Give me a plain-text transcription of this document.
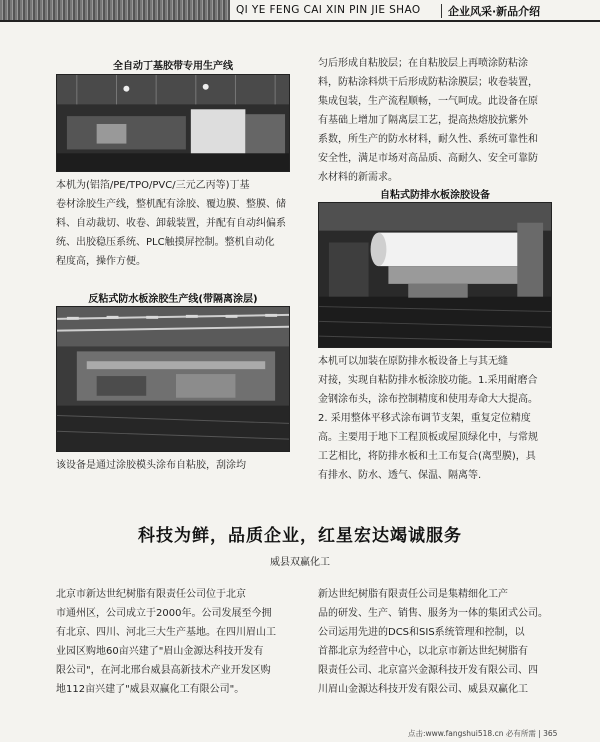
QI YE FENG CAI XIN PIN JIE SHAO 企业风采·新品介绍
全自动丁基胶带专用生产线
本机为(铝箔/PE/TPO/PVC/三元乙丙等)丁基
卷材涂胶生产线，整机配有涂胶、覆边膜、整膜、储
料、自动裁切、收卷、卸载装置，并配有自动纠偏系
统、出胶稳压系统、PLC触摸屏控制。整机自动化
程度高，操作方便。
反粘式防水板涂胶生产线(带隔离涂层)
该设备是通过涂胶模头涂布自粘胶，刮涂均
匀后形成自粘胶层；在自粘胶层上再喷涂防粘涂
料，防粘涂料烘干后形成防粘涂膜层；收卷装置，
集成包装，生产流程顺畅，一气呵成。此设备在原
有基础上增加了隔离层工艺，提高热熔胶抗紫外
系数，所生产的防水材料，耐久性、系统可靠性和
安全性，满足市场对高品质、高耐久、安全可靠防
水材料的新需求。
自粘式防排水板涂胶设备
本机可以加装在原防排水板设备上与其无缝
对接，实现自粘防排水板涂胶功能。1.采用耐磨合
金钢涂布头，涂布控制精度和使用寿命大大提高。
2. 采用整体平移式涂布调节支架，重复定位精度
高。主要用于地下工程顶板或屋顶绿化中，与常规
工艺相比，将防排水板和土工布复合(离型膜)，具
有排水、防水、透气、保温、隔离等.
科技为鲜，品质企业，红星宏达竭诚服务
威县双赢化工
北京市新达世纪树脂有限责任公司位于北京
市通州区，公司成立于2000年。公司发展至今拥
有北京、四川、河北三大生产基地。在四川眉山工
业园区购地60亩兴建了"眉山金源达科技开发有
限公司"，在河北邢台威县高新技术产业开发区购
地112亩兴建了"威县双赢化工有限公司"。
新达世纪树脂有限责任公司是集精细化工产
品的研发、生产、销售、服务为一体的集团式公司。
公司运用先进的DCS和SIS系统管理和控制，以
首都北京为经营中心，以北京市新达世纪树脂有
限责任公司、北京富兴金源科技开发有限公司、四
川眉山金源达科技开发有限公司、威县双赢化工
点击:www.fangshui518.cn 必有所需 | 365
